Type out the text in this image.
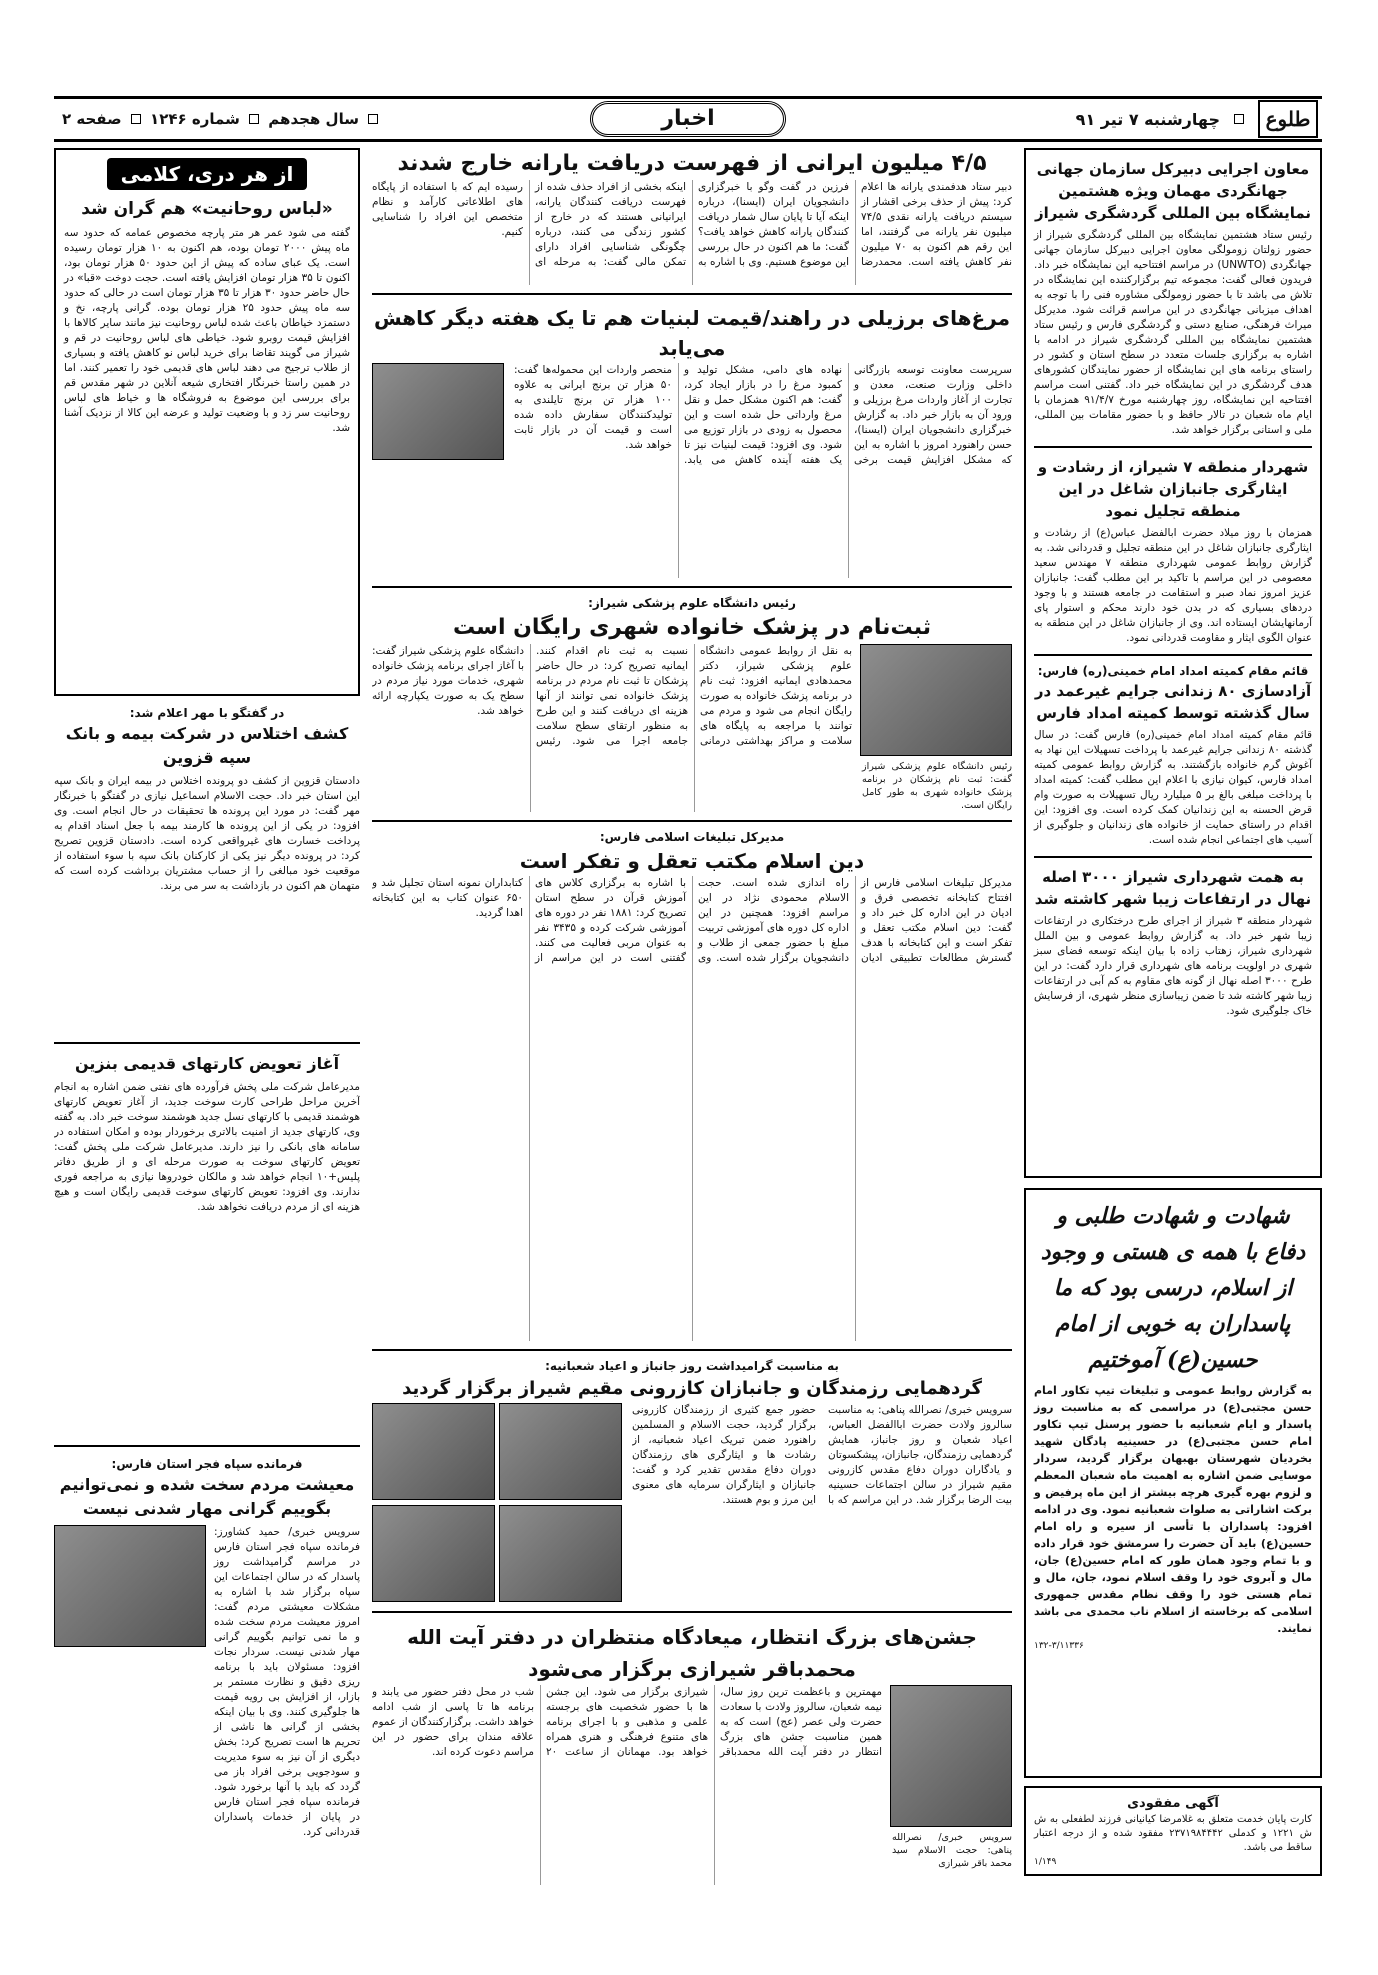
طلوع
چهارشنبه ۷ تیر ۹۱
اخبار
سال هجدهم  شماره ۱۲۴۶  صفحه ۲
معاون اجرایی دبیرکل سازمان جهانی جهانگردی مهمان ویژه هشتمین نمایشگاه بین المللی گردشگری شیراز

رئیس ستاد هشتمین نمایشگاه بین المللی گردشگری شیراز از حضور زولتان زومولگی معاون اجرایی دبیرکل سازمان جهانی جهانگردی (UNWTO) در مراسم افتتاحیه این نمایشگاه خبر داد. فریدون فعالی گفت: مجموعه تیم برگزارکننده این نمایشگاه در تلاش می باشد تا با حضور زومولگی مشاوره فنی را با توجه به اهداف میزبانی جهانگردی در این مراسم قرائت شود. مدیرکل میراث فرهنگی، صنایع دستی و گردشگری فارس و رئیس ستاد هشتمین نمایشگاه بین المللی گردشگری شیراز در ادامه با اشاره به برگزاری جلسات متعدد در سطح استان و کشور در راستای برنامه های این نمایشگاه از حضور نمایندگان کشورهای هدف گردشگری در این نمایشگاه خبر داد. گفتنی است مراسم افتتاحیه این نمایشگاه، روز چهارشنبه مورخ ۹۱/۴/۷ همزمان با ایام ماه شعبان در تالار حافظ و با حضور مقامات بین المللی، ملی و استانی برگزار خواهد شد.

شهردار منطقه ۷ شیراز، از رشادت و ایثارگری جانبازان شاغل در این منطقه تجلیل نمود

همزمان با روز میلاد حضرت ابالفضل عباس(ع) از رشادت و ایثارگری جانبازان شاغل در این منطقه تجلیل و قدردانی شد. به گزارش روابط عمومی شهرداری منطقه ۷ مهندس سعید معصومی در این مراسم با تاکید بر این مطلب گفت: جانبازان عزیز امروز نماد صبر و استقامت در جامعه هستند و با وجود دردهای بسیاری که در بدن خود دارند محکم و استوار پای آرمانهایشان ایستاده اند. وی از جانبازان شاغل در این منطقه به عنوان الگوی ایثار و مقاومت قدردانی نمود.

قائم مقام کمیته امداد امام خمینی(ره) فارس:
آزادسازی ۸۰ زندانی جرایم غیرعمد در سال گذشته توسط کمیته امداد فارس

قائم مقام کمیته امداد امام خمینی(ره) فارس گفت: در سال گذشته ۸۰ زندانی جرایم غیرعمد با پرداخت تسهیلات این نهاد به آغوش گرم خانواده بازگشتند. به گزارش روابط عمومی کمیته امداد فارس، کیوان نیازی با اعلام این مطلب گفت: کمیته امداد با پرداخت مبلغی بالغ بر ۵ میلیارد ریال تسهیلات به صورت وام قرض الحسنه به این زندانیان کمک کرده است. وی افزود: این اقدام در راستای حمایت از خانواده های زندانیان و جلوگیری از آسیب های اجتماعی انجام شده است.

به همت شهرداری شیراز ۳۰۰۰ اصله نهال در ارتفاعات زیبا شهر کاشته شد

شهردار منطقه ۳ شیراز از اجرای طرح درختکاری در ارتفاعات زیبا شهر خبر داد. به گزارش روابط عمومی و بین الملل شهرداری شیراز، زهتاب زاده با بیان اینکه توسعه فضای سبز شهری در اولویت برنامه های شهرداری قرار دارد گفت: در این طرح ۳۰۰۰ اصله نهال از گونه های مقاوم به کم آبی در ارتفاعات زیبا شهر کاشته شد تا ضمن زیباسازی منظر شهری، از فرسایش خاک جلوگیری شود.

شهادت و شهادت طلبی و دفاع با همه ی هستی و وجود از اسلام، درسی بود که ما پاسداران به خوبی از امام حسین(ع) آموختیم

به گزارش روابط عمومی و تبلیغات تیپ تکاور امام حسن مجتبی(ع) در مراسمی که به مناسبت روز پاسدار و ایام شعبانیه با حضور پرسنل تیپ تکاور امام حسن مجتبی(ع) در حسینیه پادگان شهید بخردیان شهرستان بهبهان برگزار گردید، سردار موسایی ضمن اشاره به اهمیت ماه شعبان المعظم و لزوم بهره گیری هرچه بیشتر از این ماه پرفیض و برکت اشاراتی به صلوات شعبانیه نمود. وی در ادامه افزود: پاسداران با تأسی از سیره و راه امام حسین(ع) باید آن حضرت را سرمشق خود قرار داده و با تمام وجود همان طور که امام حسین(ع) جان، مال و آبروی خود را وقف اسلام نمود، جان، مال و تمام هستی خود را وقف نظام مقدس جمهوری اسلامی که برخاسته از اسلام ناب محمدی می باشد نمایند.

۱۳۲-۳/۱۱۳۳۶
آگهی مفقودی

کارت پایان خدمت متعلق به غلامرضا کیانیانی فرزند لطفعلی به ش ش ۱۲۲۱ و کدملی ۲۳۷۱۹۸۴۴۴۲ مفقود شده و از درجه اعتبار ساقط می باشد.

۱/۱۴۹
۴/۵ میلیون ایرانی از فهرست دریافت یارانه خارج شدند
دبیر ستاد هدفمندی یارانه ها اعلام کرد: پیش از حذف برخی اقشار از سیستم دریافت یارانه نقدی ۷۴/۵ میلیون نفر یارانه می گرفتند، اما این رقم هم اکنون به ۷۰ میلیون نفر کاهش یافته است. محمدرضا فرزین در گفت وگو با خبرگزاری دانشجویان ایران (ایسنا)، درباره اینکه آیا تا پایان سال شمار دریافت کنندگان یارانه کاهش خواهد یافت؟ گفت: ما هم اکنون در حال بررسی این موضوع هستیم. وی با اشاره به اینکه بخشی از افراد حذف شده از فهرست دریافت کنندگان یارانه، ایرانیانی هستند که در خارج از کشور زندگی می کنند، درباره چگونگی شناسایی افراد دارای تمکن مالی گفت: به مرحله ای رسیده ایم که با استفاده از پایگاه های اطلاعاتی کارآمد و نظام متخصص این افراد را شناسایی کنیم.
مرغ‌های برزیلی در راهند/قیمت لبنیات هم تا یک هفته دیگر کاهش می‌یابد
سرپرست معاونت توسعه بازرگانی داخلی وزارت صنعت، معدن و تجارت از آغاز واردات مرغ برزیلی و ورود آن به بازار خبر داد. به گزارش خبرگزاری دانشجویان ایران (ایسنا)، حسن راهنورد امروز با اشاره به این که مشکل افزایش قیمت برخی نهاده های دامی، مشکل تولید و کمبود مرغ را در بازار ایجاد کرد، گفت: هم اکنون مشکل حمل و نقل مرغ وارداتی حل شده است و این محصول به زودی در بازار توزیع می شود. وی افزود: قیمت لبنیات نیز تا یک هفته آینده کاهش می یابد. منحصر واردات این محموله‌ها گفت: ۵۰ هزار تن برنج ایرانی به علاوه ۱۰۰ هزار تن برنج تایلندی به تولیدکنندگان سفارش داده شده است و قیمت آن در بازار ثابت خواهد شد.
رئیس دانشگاه علوم پزشکی شیراز:
ثبت‌نام در پزشک خانواده شهری رایگان است

رئیس دانشگاه علوم پزشکی شیراز گفت: ثبت نام پزشکان در برنامه پزشک خانواده شهری به طور کامل رایگان است.

به نقل از روابط عمومی دانشگاه علوم پزشکی شیراز، دکتر محمدهادی ایمانیه افزود: ثبت نام در برنامه پزشک خانواده به صورت رایگان انجام می شود و مردم می توانند با مراجعه به پایگاه های سلامت و مراکز بهداشتی درمانی نسبت به ثبت نام اقدام کنند. ایمانیه تصریح کرد: در حال حاضر پزشکان تا ثبت نام مردم در برنامه پزشک خانواده نمی توانند از آنها هزینه ای دریافت کنند و این طرح به منظور ارتقای سطح سلامت جامعه اجرا می شود. رئیس دانشگاه علوم پزشکی شیراز گفت: با آغاز اجرای برنامه پزشک خانواده شهری، خدمات مورد نیاز مردم در سطح یک به صورت یکپارچه ارائه خواهد شد.
مدیرکل تبلیغات اسلامی فارس:
دین اسلام مکتب تعقل و تفکر است
مدیرکل تبلیغات اسلامی فارس از افتتاح کتابخانه تخصصی فرق و ادیان در این اداره کل خبر داد و گفت: دین اسلام مکتب تعقل و تفکر است و این کتابخانه با هدف گسترش مطالعات تطبیقی ادیان راه اندازی شده است. حجت الاسلام محمودی نژاد در این مراسم افزود: همچنین در این اداره کل دوره های آموزشی تربیت مبلغ با حضور جمعی از طلاب و دانشجویان برگزار شده است. وی با اشاره به برگزاری کلاس های آموزش قرآن در سطح استان تصریح کرد: ۱۸۸۱ نفر در دوره های آموزشی شرکت کرده و ۳۴۳۵ نفر به عنوان مربی فعالیت می کنند. گفتنی است در این مراسم از کتابداران نمونه استان تجلیل شد و ۶۵۰ عنوان کتاب به این کتابخانه اهدا گردید.
به مناسبت گرامیداشت روز جانباز و اعیاد شعبانیه:
گردهمایی رزمندگان و جانبازان کازرونی مقیم شیراز برگزار گردید
سرویس خبری/ نصرالله پناهی: به مناسبت سالروز ولادت حضرت اباالفضل العباس، اعیاد شعبان و روز جانباز، همایش گردهمایی رزمندگان، جانبازان، پیشکسوتان و یادگاران دوران دفاع مقدس کازرونی مقیم شیراز در سالن اجتماعات حسینیه بیت الرضا برگزار شد. در این مراسم که با حضور جمع کثیری از رزمندگان کازرونی برگزار گردید، حجت الاسلام و المسلمین راهنورد ضمن تبریک اعیاد شعبانیه، از رشادت ها و ایثارگری های رزمندگان دوران دفاع مقدس تقدیر کرد و گفت: جانبازان و ایثارگران سرمایه های معنوی این مرز و بوم هستند.
جشن‌های بزرگ انتظار، میعادگاه منتظران در دفتر آیت الله محمدباقر شیرازی برگزار می‌شود

سرویس خبری/ نصرالله پناهی: حجت الاسلام سید محمد باقر شیرازی

مهمترین و باعظمت ترین روز سال، نیمه شعبان، سالروز ولادت با سعادت حضرت ولی عصر (عج) است که به همین مناسبت جشن های بزرگ انتظار در دفتر آیت الله محمدباقر شیرازی برگزار می شود. این جشن ها با حضور شخصیت های برجسته علمی و مذهبی و با اجرای برنامه های متنوع فرهنگی و هنری همراه خواهد بود. مهمانان از ساعت ۲۰ شب در محل دفتر حضور می یابند و برنامه ها تا پاسی از شب ادامه خواهد داشت. برگزارکنندگان از عموم علاقه مندان برای حضور در این مراسم دعوت کرده اند.
از هر دری، کلامی
«لباس روحانیت» هم گران شد

گفته می شود عمر هر متر پارچه مخصوص عمامه که حدود سه ماه پیش ۲۰۰۰ تومان بوده، هم اکنون به ۱۰ هزار تومان رسیده است. یک عبای ساده که پیش از این حدود ۵۰ هزار تومان بود، اکنون تا ۳۵ هزار تومان افزایش یافته است. حجت دوخت «قبا» در حال حاضر حدود ۳۰ هزار تا ۳۵ هزار تومان است در حالی که حدود سه ماه پیش حدود ۲۵ هزار تومان بوده. گرانی پارچه، نخ و دستمزد خیاطان باعث شده لباس روحانیت نیز مانند سایر کالاها با افزایش قیمت روبرو شود. خیاطی های لباس روحانیت در قم و شیراز می گویند تقاضا برای خرید لباس نو کاهش یافته و بسیاری از طلاب ترجیح می دهند لباس های قدیمی خود را تعمیر کنند. اما در همین راستا خبرنگار افتخاری شیعه آنلاین در شهر مقدس قم برای بررسی این موضوع به فروشگاه ها و خیاط های لباس روحانیت سر زد و با وضعیت تولید و عرضه این کالا از نزدیک آشنا شد.

در گفتگو با مهر اعلام شد:
کشف اختلاس در شرکت بیمه و بانک سپه قزوین

دادستان قزوین از کشف دو پرونده اختلاس در بیمه ایران و بانک سپه این استان خبر داد. حجت الاسلام اسماعیل نیازی در گفتگو با خبرنگار مهر گفت: در مورد این پرونده ها تحقیقات در حال انجام است. وی افزود: در یکی از این پرونده ها کارمند بیمه با جعل اسناد اقدام به پرداخت خسارت های غیرواقعی کرده است. دادستان قزوین تصریح کرد: در پرونده دیگر نیز یکی از کارکنان بانک سپه با سوء استفاده از موقعیت خود مبالغی را از حساب مشتریان برداشت کرده است که متهمان هم اکنون در بازداشت به سر می برند.

آغاز تعویض کارتهای قدیمی بنزین

مدیرعامل شرکت ملی پخش فرآورده های نفتی ضمن اشاره به انجام آخرین مراحل طراحی کارت سوخت جدید، از آغاز تعویض کارتهای هوشمند قدیمی با کارتهای نسل جدید هوشمند سوخت خبر داد. به گفته وی، کارتهای جدید از امنیت بالاتری برخوردار بوده و امکان استفاده در سامانه های بانکی را نیز دارند. مدیرعامل شرکت ملی پخش گفت: تعویض کارتهای سوخت به صورت مرحله ای و از طریق دفاتر پلیس+۱۰ انجام خواهد شد و مالکان خودروها نیازی به مراجعه فوری ندارند. وی افزود: تعویض کارتهای سوخت قدیمی رایگان است و هیچ هزینه ای از مردم دریافت نخواهد شد.

فرمانده سپاه فجر استان فارس:
معیشت مردم سخت شده و نمی‌توانیم بگوییم گرانی مهار شدنی نیست

سرویس خبری/ حمید کشاورز: فرمانده سپاه فجر استان فارس در مراسم گرامیداشت روز پاسدار که در سالن اجتماعات این سپاه برگزار شد با اشاره به مشکلات معیشتی مردم گفت: امروز معیشت مردم سخت شده و ما نمی توانیم بگوییم گرانی مهار شدنی نیست. سردار نجات افزود: مسئولان باید با برنامه ریزی دقیق و نظارت مستمر بر بازار، از افزایش بی رویه قیمت ها جلوگیری کنند. وی با بیان اینکه بخشی از گرانی ها ناشی از تحریم ها است تصریح کرد: بخش دیگری از آن نیز به سوء مدیریت و سودجویی برخی افراد باز می گردد که باید با آنها برخورد شود. فرمانده سپاه فجر استان فارس در پایان از خدمات پاسداران قدردانی کرد.
